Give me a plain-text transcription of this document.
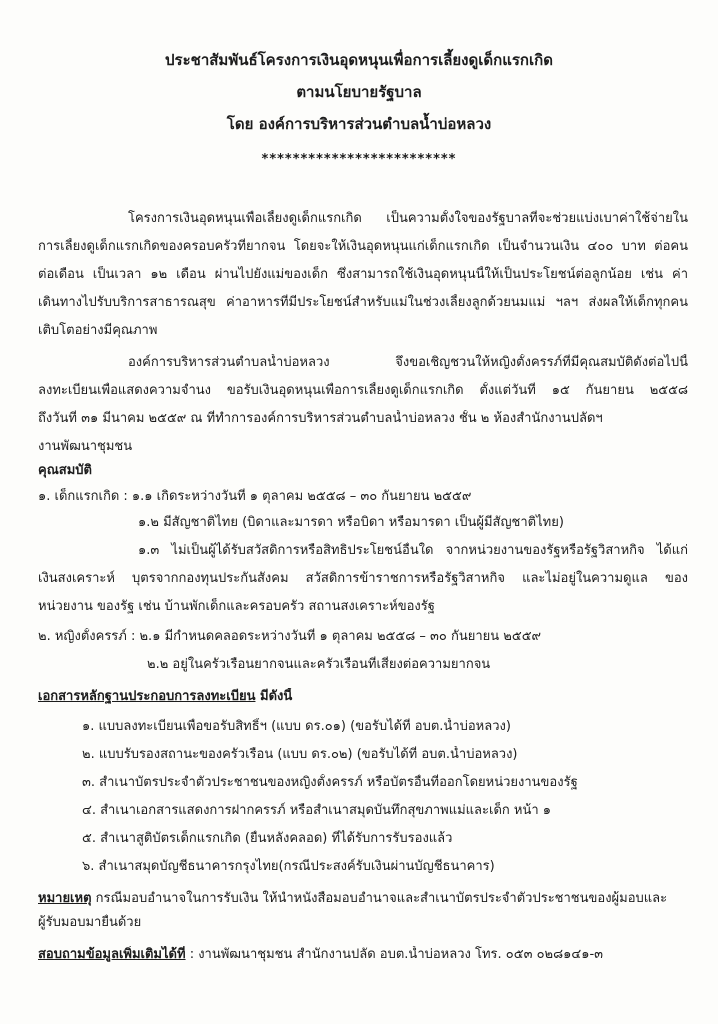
ประชาสัมพันธ์โครงการเงินอุดหนุนเพื่อการเลี้ยงดูเด็กแรกเกิด
ตามนโยบายรัฐบาล
โดย องค์การบริหารส่วนตำบลน้ำบ่อหลวง
*************************
โครงการเงินอุดหนุนเพื่อเลี้ยงดูเด็กแรกเกิด เป็นความตั้งใจของรัฐบาลที่จะช่วยแบ่งเบาค่าใช้จ่ายใน
การเลี้ยงดูเด็กแรกเกิดของครอบครัวที่ยากจน โดยจะให้เงินอุดหนุนแก่เด็กแรกเกิด เป็นจำนวนเงิน ๔๐๐ บาท ต่อคน
ต่อเดือน เป็นเวลา ๑๒ เดือน ผ่านไปยังแม่ของเด็ก ซึ่งสามารถใช้เงินอุดหนุนนี้ให้เป็นประโยชน์ต่อลูกน้อย เช่น ค่า
เดินทางไปรับบริการสาธารณสุข ค่าอาหารที่มีประโยชน์สำหรับแม่ในช่วงเลี้ยงลูกด้วยนมแม่ ฯลฯ ส่งผลให้เด็กทุกคน
เติบโตอย่างมีคุณภาพ
องค์การบริหารส่วนตำบลน้ำบ่อหลวง จึงขอเชิญชวนให้หญิงตั้งครรภ์ที่มีคุณสมบัติดังต่อไปนี้
ลงทะเบียนเพื่อแสดงความจำนง ขอรับเงินอุดหนุนเพื่อการเลี้ยงดูเด็กแรกเกิด ตั้งแต่วันที่ ๑๕ กันยายน ๒๕๕๘
ถึงวันที่ ๓๑ มีนาคม ๒๕๕๙ ณ ที่ทำการองค์การบริหารส่วนตำบลน้ำบ่อหลวง ชั้น ๒ ห้องสำนักงานปลัดฯ
งานพัฒนาชุมชน
คุณสมบัติ
๑. เด็กแรกเกิด : ๑.๑ เกิดระหว่างวันที่ ๑ ตุลาคม ๒๕๕๘ – ๓๐ กันยายน ๒๕๕๙
๑.๒ มีสัญชาติไทย (บิดาและมารดา หรือบิดา หรือมารดา เป็นผู้มีสัญชาติไทย)
๑.๓ ไม่เป็นผู้ได้รับสวัสดิการหรือสิทธิประโยชน์อื่นใด จากหน่วยงานของรัฐหรือรัฐวิสาหกิจ ได้แก่
เงินสงเคราะห์ บุตรจากกองทุนประกันสังคม สวัสดิการข้าราชการหรือรัฐวิสาหกิจ และไม่อยู่ในความดูแล ของ
หน่วยงาน ของรัฐ เช่น บ้านพักเด็กและครอบครัว สถานสงเคราะห์ของรัฐ
๒. หญิงตั้งครรภ์ : ๒.๑ มีกำหนดคลอดระหว่างวันที่ ๑ ตุลาคม ๒๕๕๘ – ๓๐ กันยายน ๒๕๕๙
๒.๒ อยู่ในครัวเรือนยากจนและครัวเรือนที่เสี่ยงต่อความยากจน
เอกสารหลักฐานประกอบการลงทะเบียน มีดังนี้
๑. แบบลงทะเบียนเพื่อขอรับสิทธิ์ฯ (แบบ ดร.๐๑) (ขอรับได้ที่ อบต.น้ำบ่อหลวง)
๒. แบบรับรองสถานะของครัวเรือน (แบบ ดร.๐๒) (ขอรับได้ที่ อบต.น้ำบ่อหลวง)
๓. สำเนาบัตรประจำตัวประชาชนของหญิงตั้งครรภ์ หรือบัตรอื่นที่ออกโดยหน่วยงานของรัฐ
๔. สำเนาเอกสารแสดงการฝากครรภ์ หรือสำเนาสมุดบันทึกสุขภาพแม่และเด็ก หน้า ๑
๕. สำเนาสูติบัตรเด็กแรกเกิด (ยื่นหลังคลอด) ที่ได้รับการรับรองแล้ว
๖. สำเนาสมุดบัญชีธนาคารกรุงไทย(กรณีประสงค์รับเงินผ่านบัญชีธนาคาร)
หมายเหตุ กรณีมอบอำนาจในการรับเงิน ให้นำหนังสือมอบอำนาจและสำเนาบัตรประจำตัวประชาชนของผู้มอบและ
ผู้รับมอบมายื่นด้วย
สอบถามข้อมูลเพิ่มเติมได้ที่ : งานพัฒนาชุมชน สำนักงานปลัด อบต.น้ำบ่อหลวง โทร. ๐๕๓ ๐๒๘๑๔๑-๓
